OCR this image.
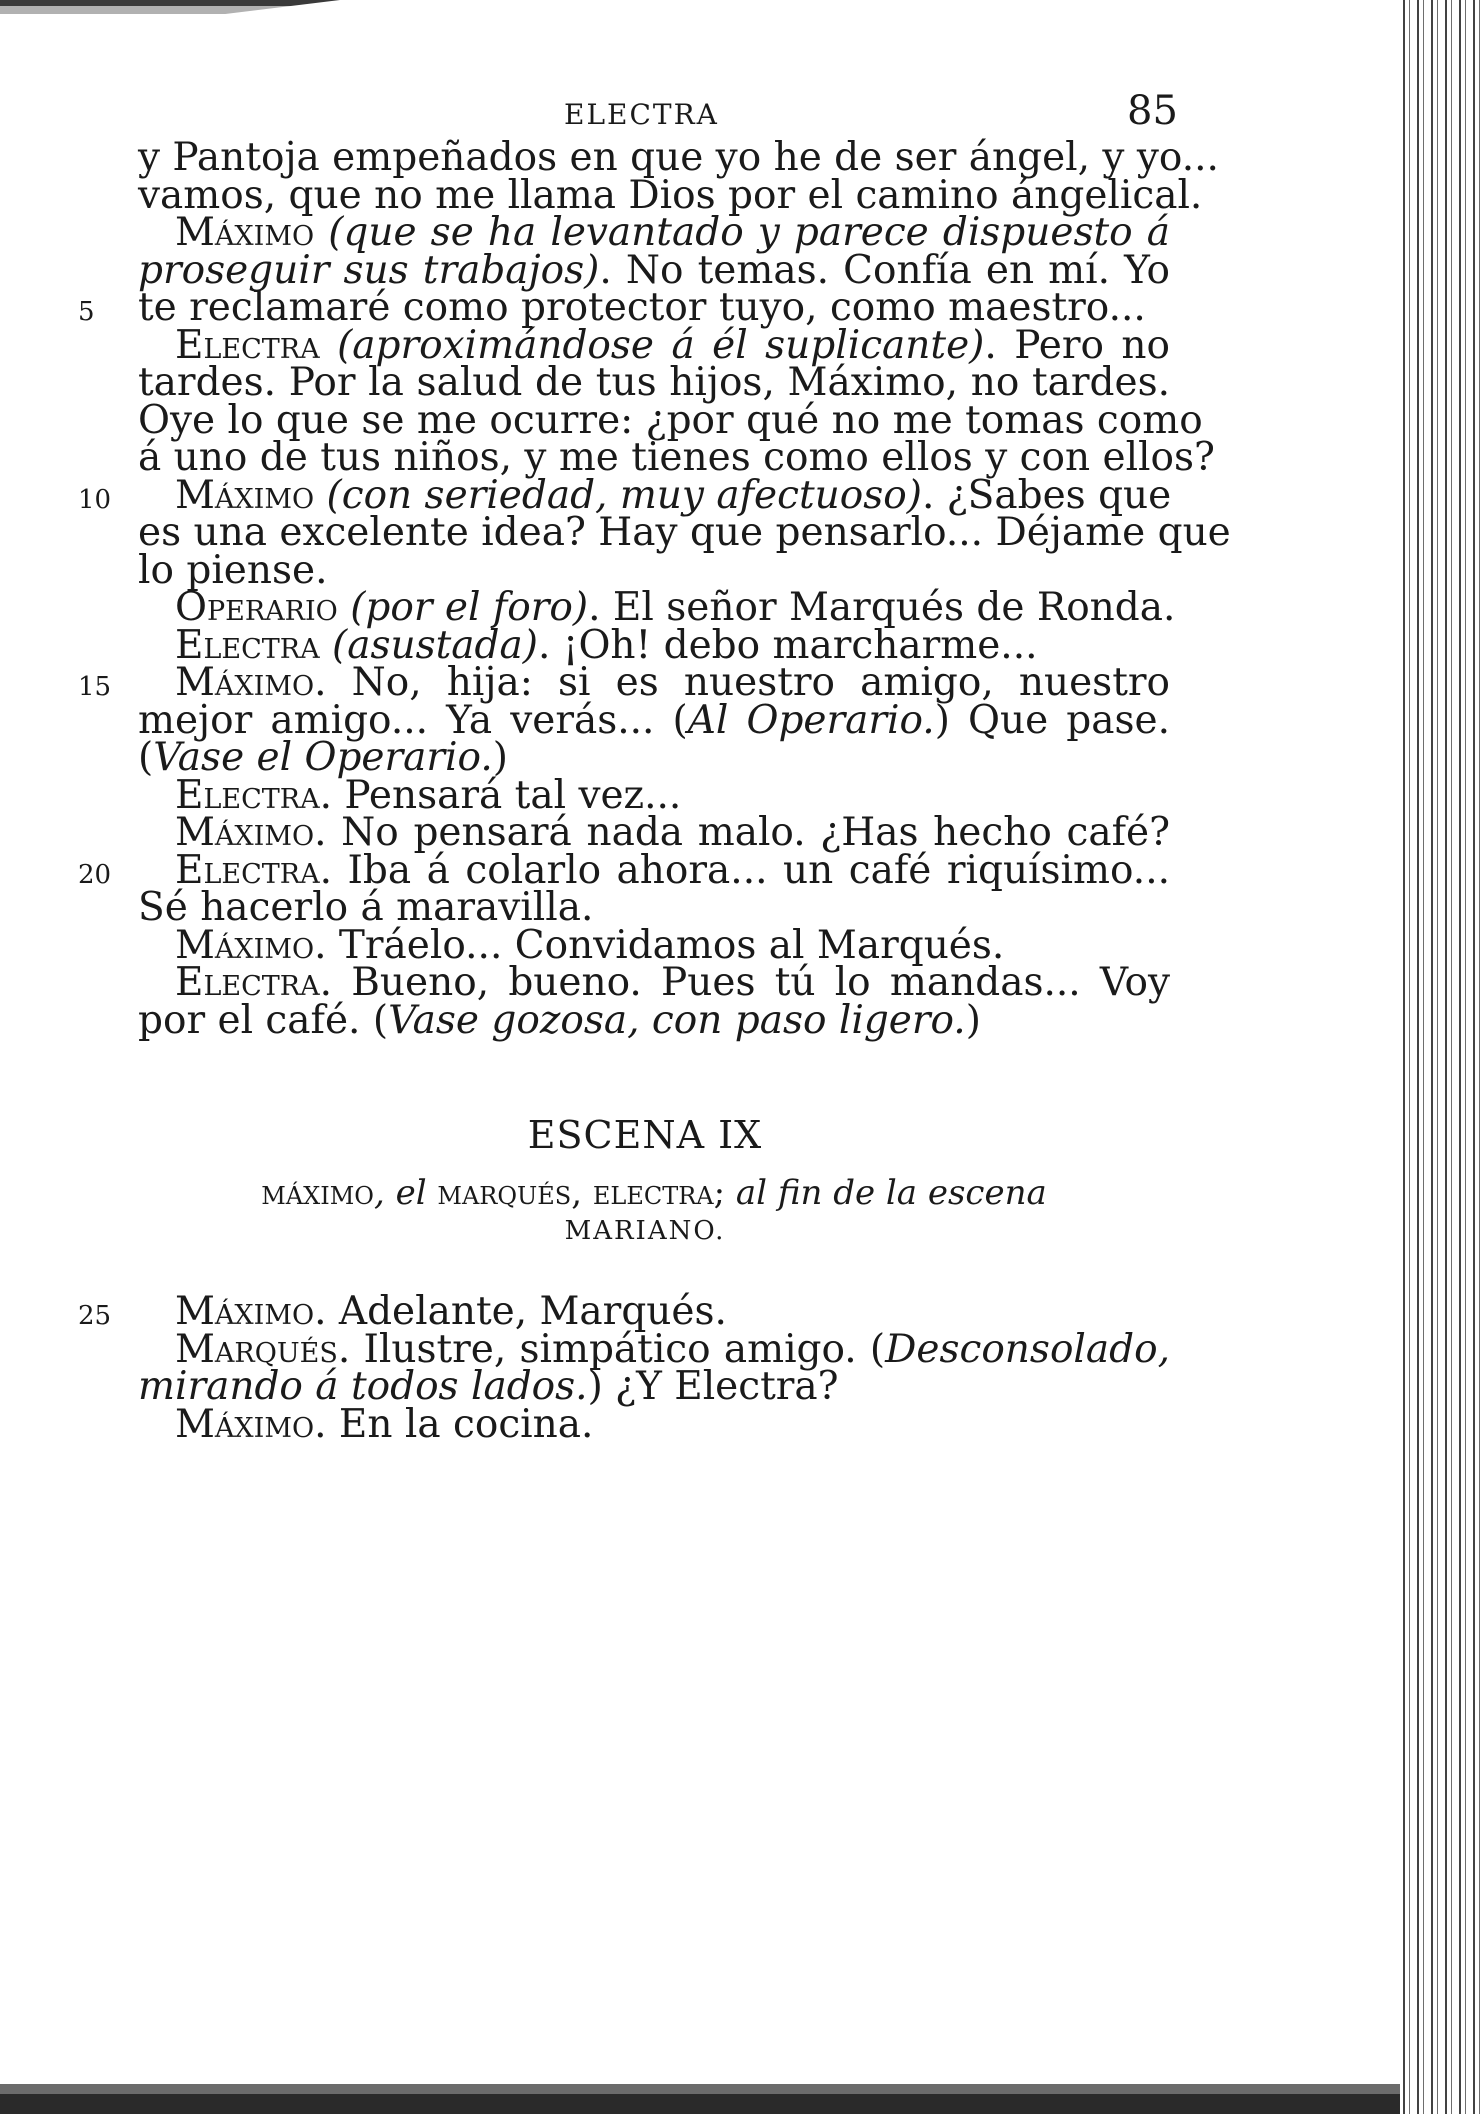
ELECTRA	85
y Pantoja empeñados en que yo he de ser ángel, y yo...
vamos, que no me llama Dios por el camino ángelical.
Máximo (que se ha levantado y parece dispuesto á
proseguir sus trabajos). No temas. Confía en mí. Yo
te reclamaré como protector tuyo, como maestro...
5
Electra (aproximándose á él suplicante). Pero no
tardes. Por la salud de tus hijos, Máximo, no tardes.
Oye lo que se me ocurre: ¿por qué no me tomas como
á uno de tus niños, y me tienes como ellos y con ellos?
Máximo (con seriedad, muy afectuoso). ¿Sabes que
10
es una excelente idea? Hay que pensarlo... Déjame que
lo piense.
Operario (por el foro). El señor Marqués de Ronda.
Electra (asustada). ¡Oh! debo marcharme...
Máximo. No, hija: si es nuestro amigo, nuestro
15
mejor amigo... Ya verás... (Al Operario.) Que pase.
(Vase el Operario.)
Electra. Pensará tal vez...
Máximo. No pensará nada malo. ¿Has hecho café?
Electra. Iba á colarlo ahora... un café riquísimo...
20
Sé hacerlo á maravilla.
Máximo. Tráelo... Convidamos al Marqués.
Electra. Bueno, bueno. Pues tú lo mandas... Voy
por el café. (Vase gozosa, con paso ligero.)
ESCENA IX
máximo, el marqués, electra; al fin de la escena
MARIANO.
Máximo. Adelante, Marqués.
25
Marqués. Ilustre, simpático amigo. (Desconsolado,
mirando á todos lados.) ¿Y Electra?
Máximo. En la cocina.
